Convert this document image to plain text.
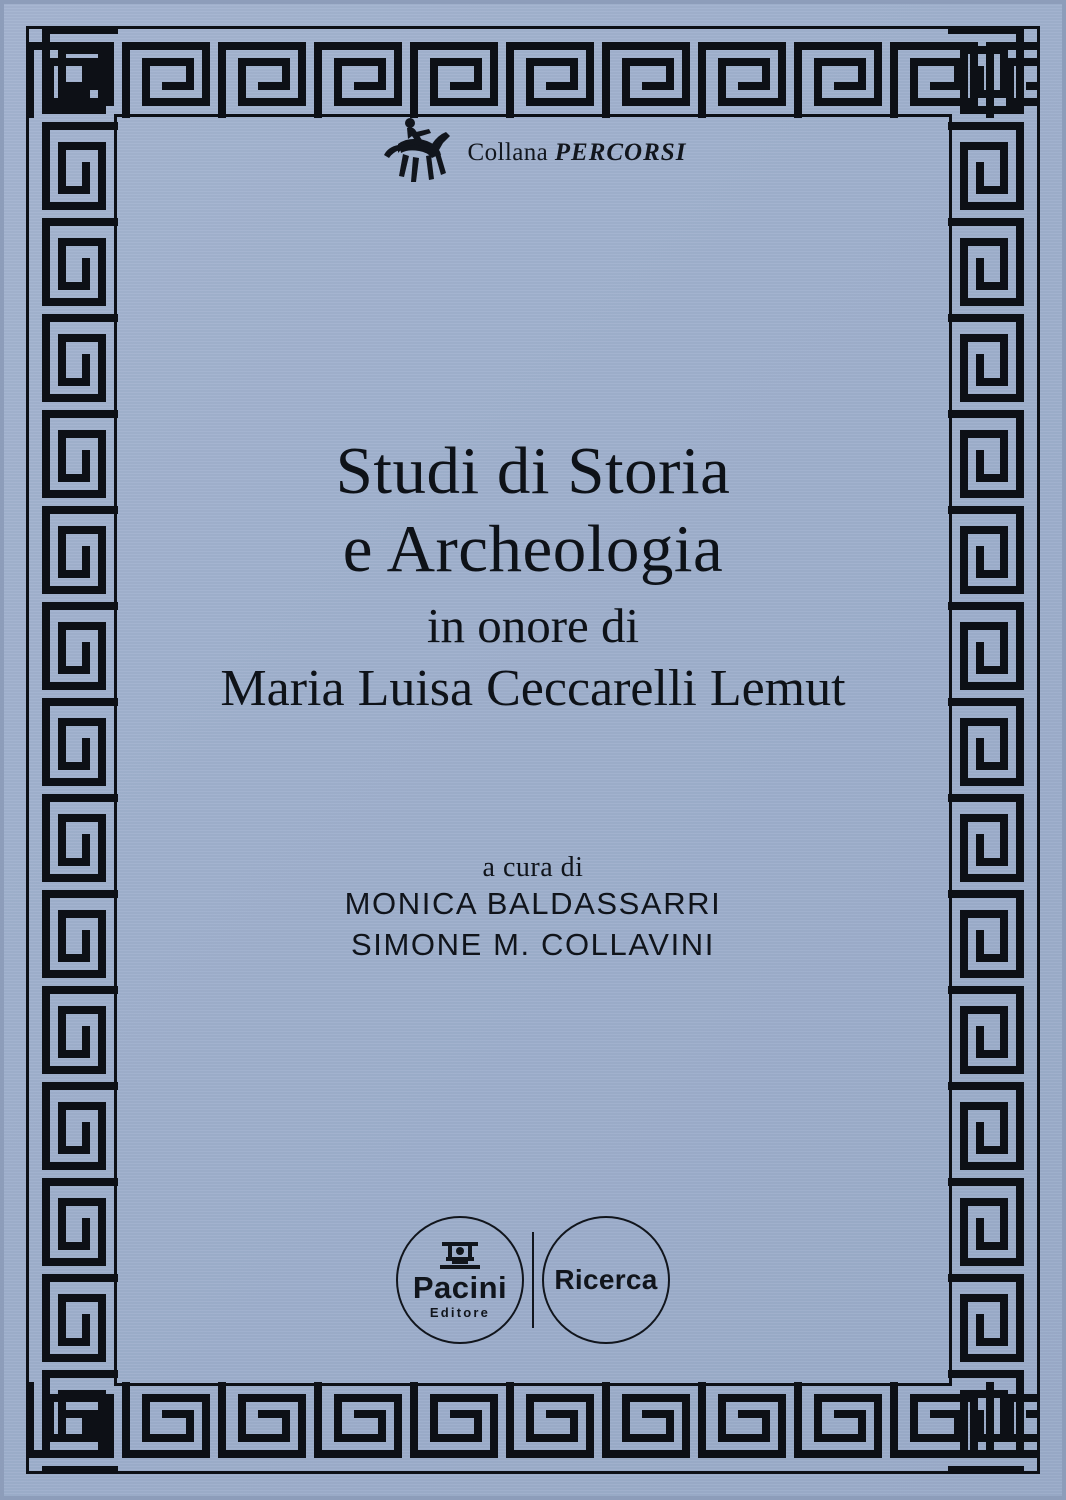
Collana PERCORSI
Studi di Storia
e Archeologia
in onore di
Maria Luisa Ceccarelli Lemut
a cura di
MONICA BALDASSARRI
SIMONE M. COLLAVINI
Pacini
Editore
Ricerca
